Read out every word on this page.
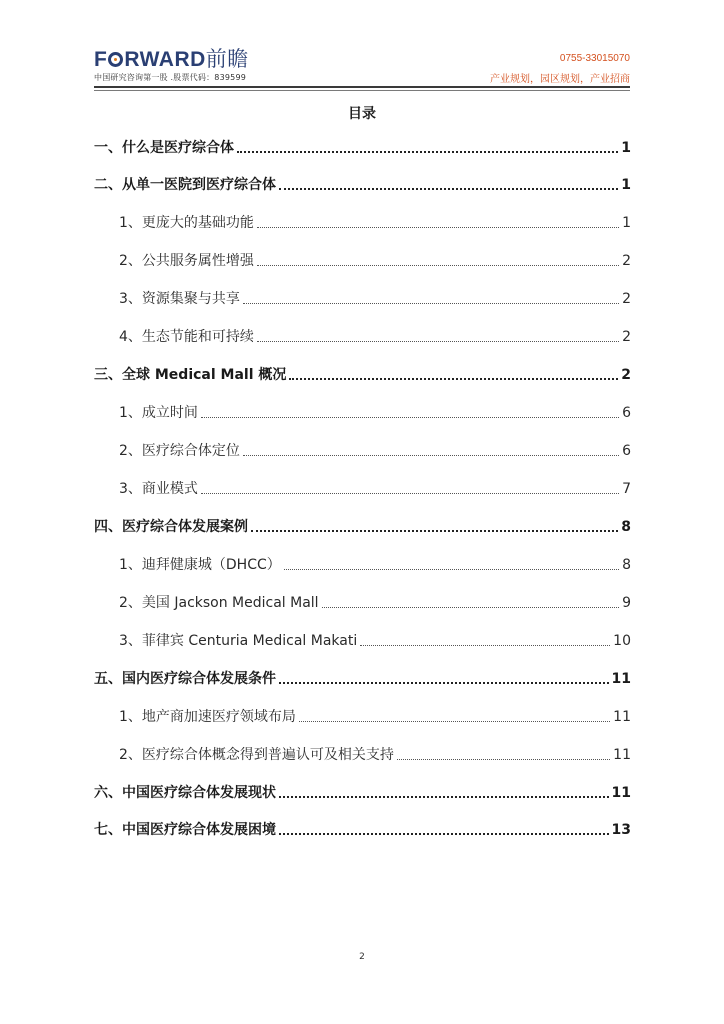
F RWARD前瞻
中国研究咨询第一股 .股票代码：839599
0755-33015070
产业规划，园区规划，产业招商
目录
一、什么是医疗综合体	1
二、从单一医院到医疗综合体	1
1、更庞大的基础功能	1
2、公共服务属性增强	2
3、资源集聚与共享	2
4、生态节能和可持续	2
三、全球 Medical Mall 概况	2
1、成立时间	6
2、医疗综合体定位	6
3、商业模式	7
四、医疗综合体发展案例	8
1、迪拜健康城（DHCC）	8
2、美国 Jackson Medical Mall	9
3、菲律宾 Centuria Medical Makati	10
五、国内医疗综合体发展条件	11
1、地产商加速医疗领域布局	11
2、医疗综合体概念得到普遍认可及相关支持	11
六、中国医疗综合体发展现状	11
七、中国医疗综合体发展困境	13
2
